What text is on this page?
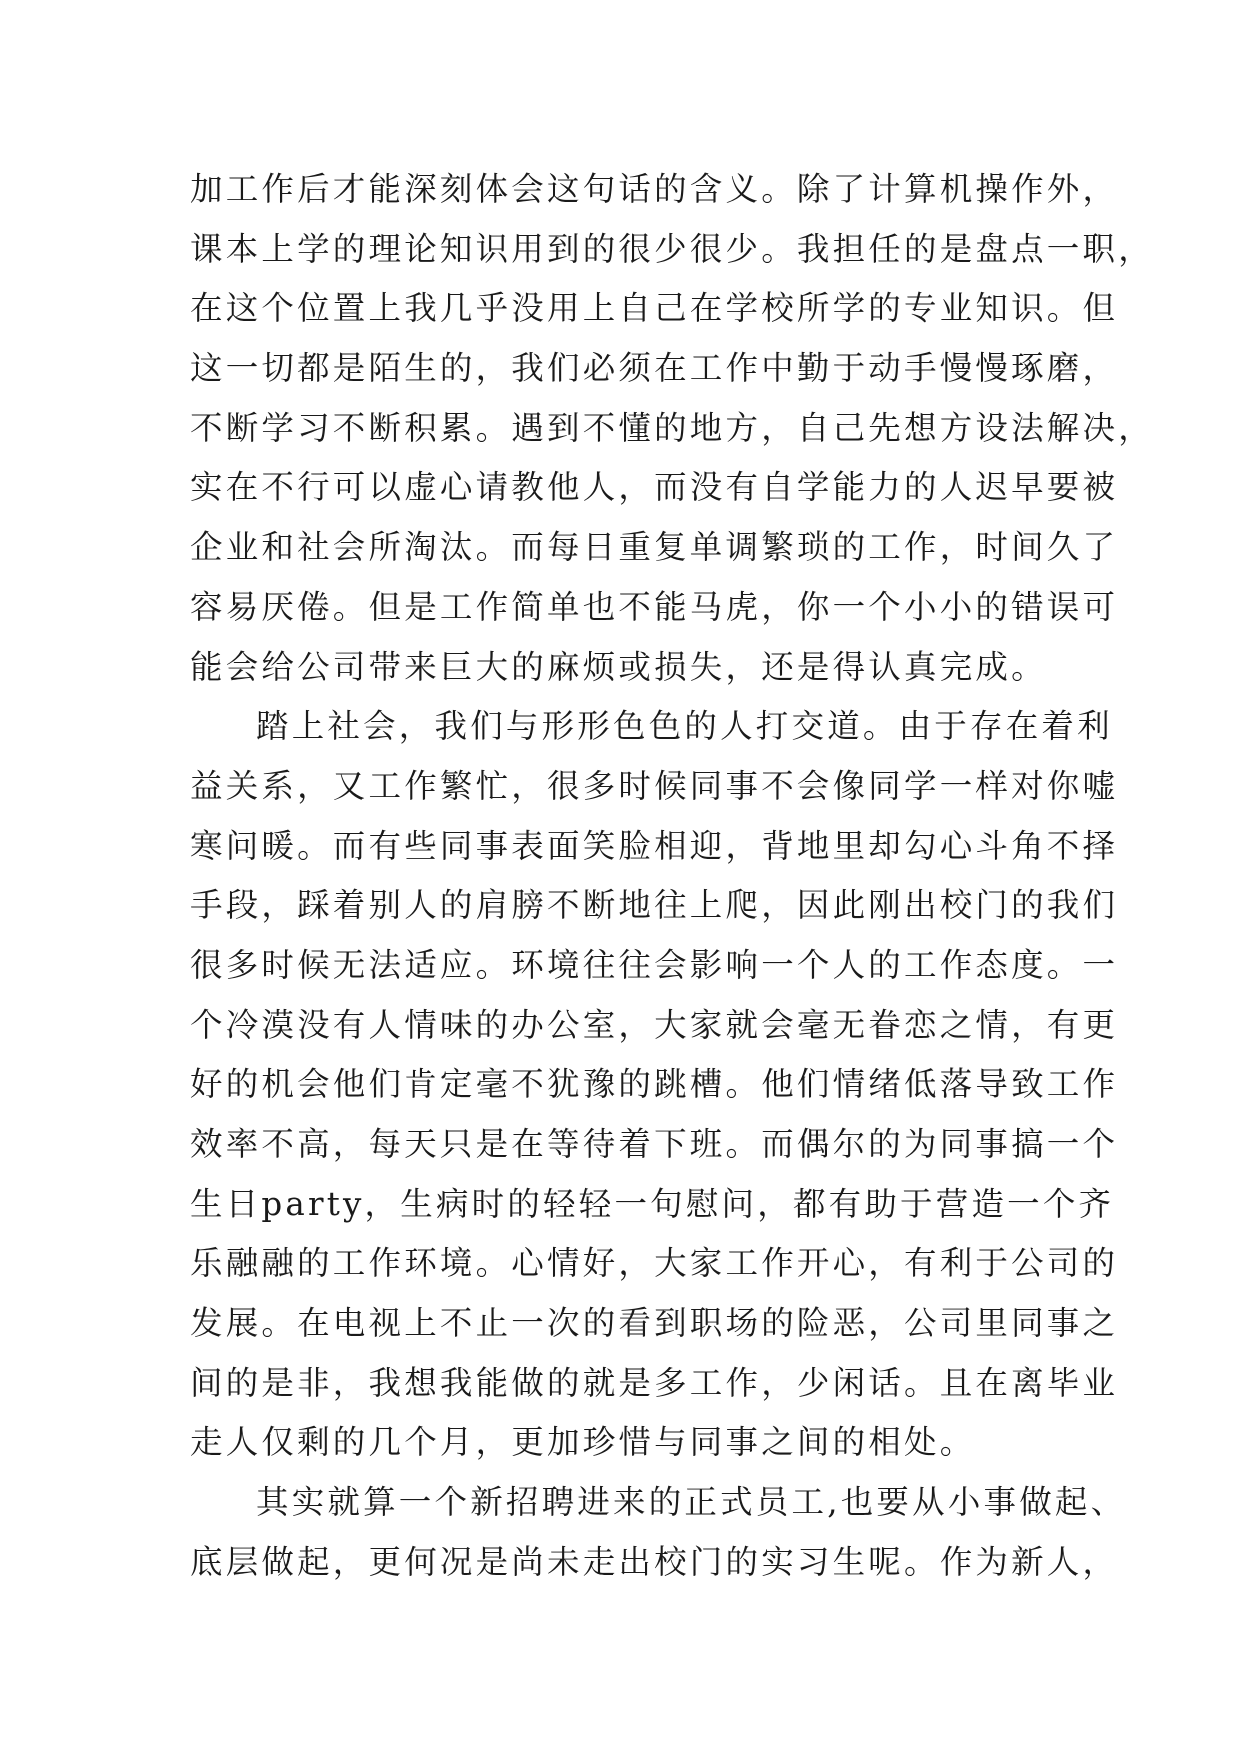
加工作后才能深刻体会这句话的含义。除了计算机操作外，
课本上学的理论知识用到的很少很少。我担任的是盘点一职，
在这个位置上我几乎没用上自己在学校所学的专业知识。但
这一切都是陌生的，我们必须在工作中勤于动手慢慢琢磨，
不断学习不断积累。遇到不懂的地方，自己先想方设法解决，
实在不行可以虚心请教他人，而没有自学能力的人迟早要被
企业和社会所淘汰。而每日重复单调繁琐的工作，时间久了
容易厌倦。但是工作简单也不能马虎，你一个小小的错误可
能会给公司带来巨大的麻烦或损失，还是得认真完成。
踏上社会，我们与形形色色的人打交道。由于存在着利
益关系，又工作繁忙，很多时候同事不会像同学一样对你嘘
寒问暖。而有些同事表面笑脸相迎，背地里却勾心斗角不择
手段，踩着别人的肩膀不断地往上爬，因此刚出校门的我们
很多时候无法适应。环境往往会影响一个人的工作态度。一
个冷漠没有人情味的办公室，大家就会毫无眷恋之情，有更
好的机会他们肯定毫不犹豫的跳槽。他们情绪低落导致工作
效率不高，每天只是在等待着下班。而偶尔的为同事搞一个
生日party，生病时的轻轻一句慰问，都有助于营造一个齐
乐融融的工作环境。心情好，大家工作开心，有利于公司的
发展。在电视上不止一次的看到职场的险恶，公司里同事之
间的是非，我想我能做的就是多工作，少闲话。且在离毕业
走人仅剩的几个月，更加珍惜与同事之间的相处。
其实就算一个新招聘进来的正式员工,也要从小事做起、
底层做起，更何况是尚未走出校门的实习生呢。作为新人，
